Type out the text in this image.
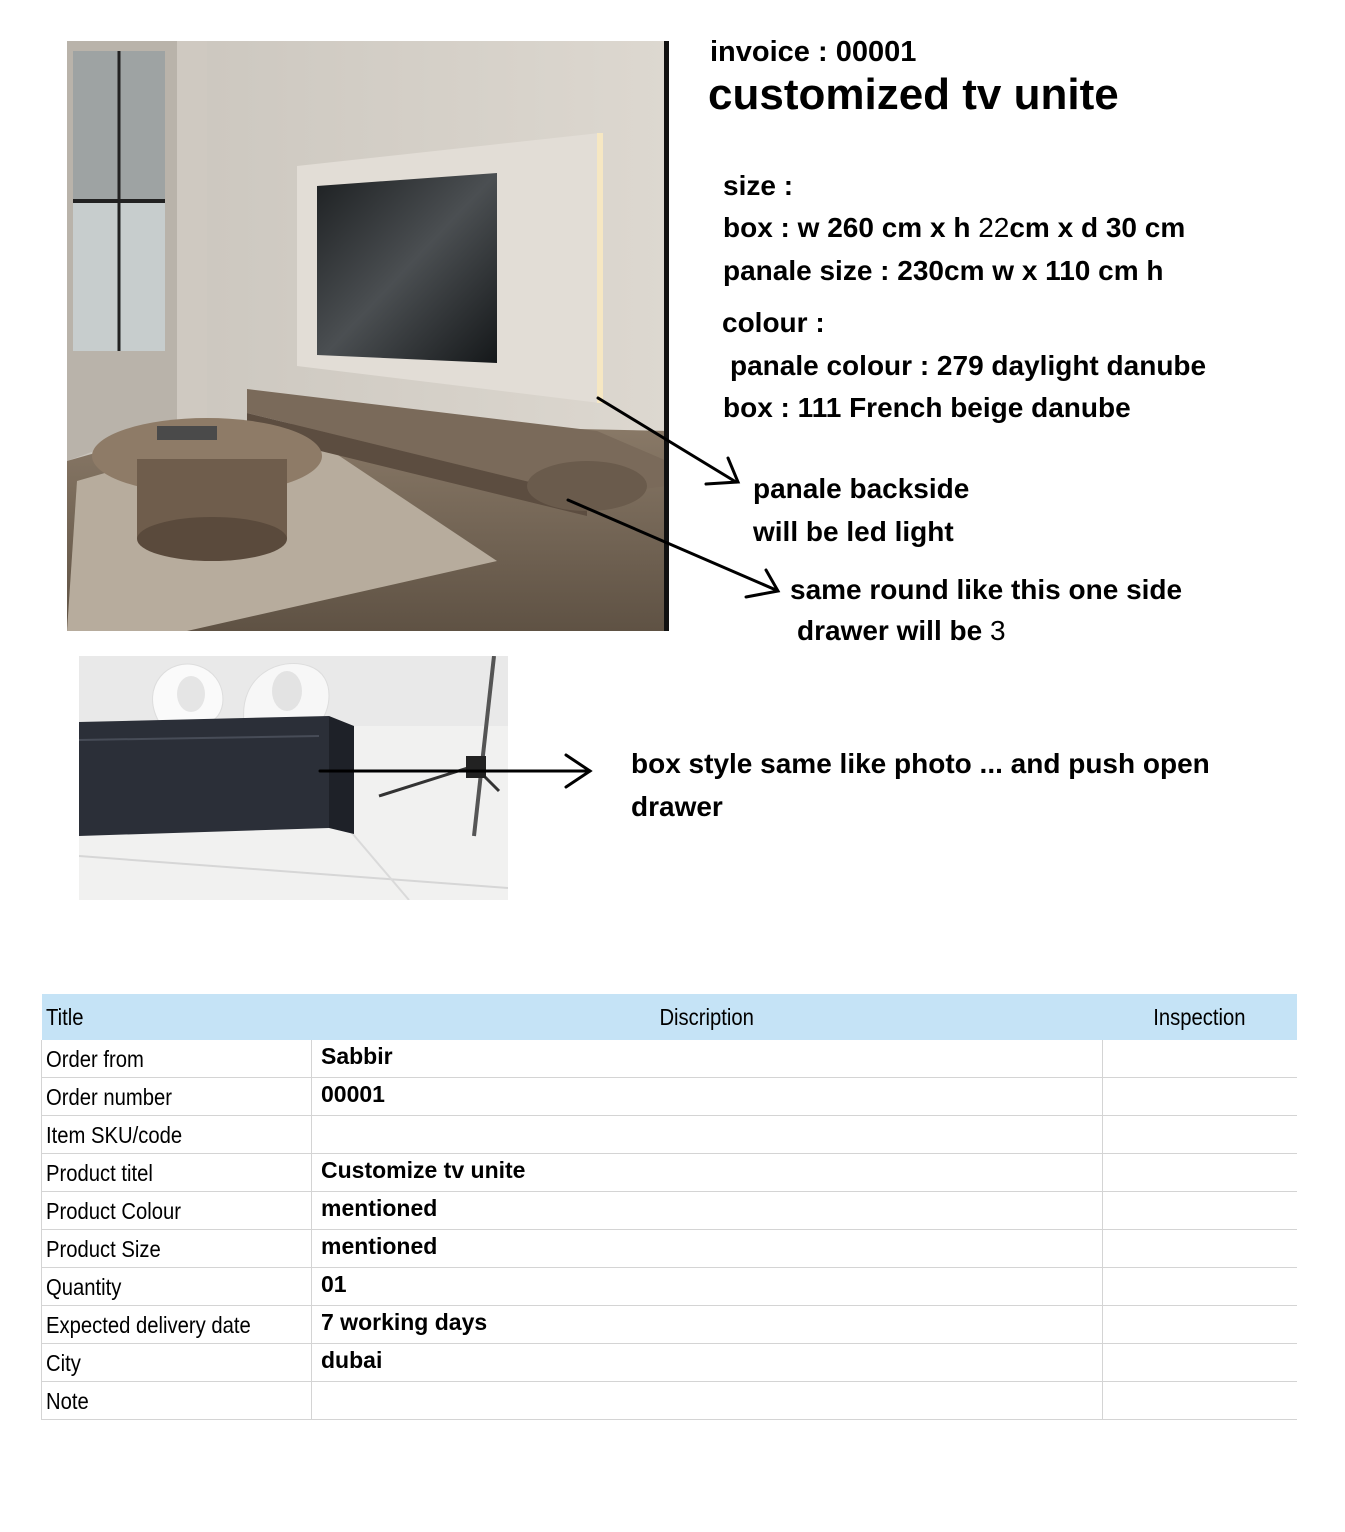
invoice : 00001
customized tv unite
size :
box : w 260 cm x h 22cm x d 30 cm
panale size : 230cm w x 110 cm h
colour :
panale colour : 279 daylight danube
box : 111 French beige danube
panale backside
will be led light
same round like this one side
drawer will be 3
box style same like photo ... and push open
drawer
Title	Discription	Inspection
Order from	Sabbir	
Order number	00001	
Item SKU/code		
Product titel	Customize tv unite	
Product Colour	mentioned	
Product Size	mentioned	
Quantity	01	
Expected delivery date	7 working days	
City	dubai	
Note		
